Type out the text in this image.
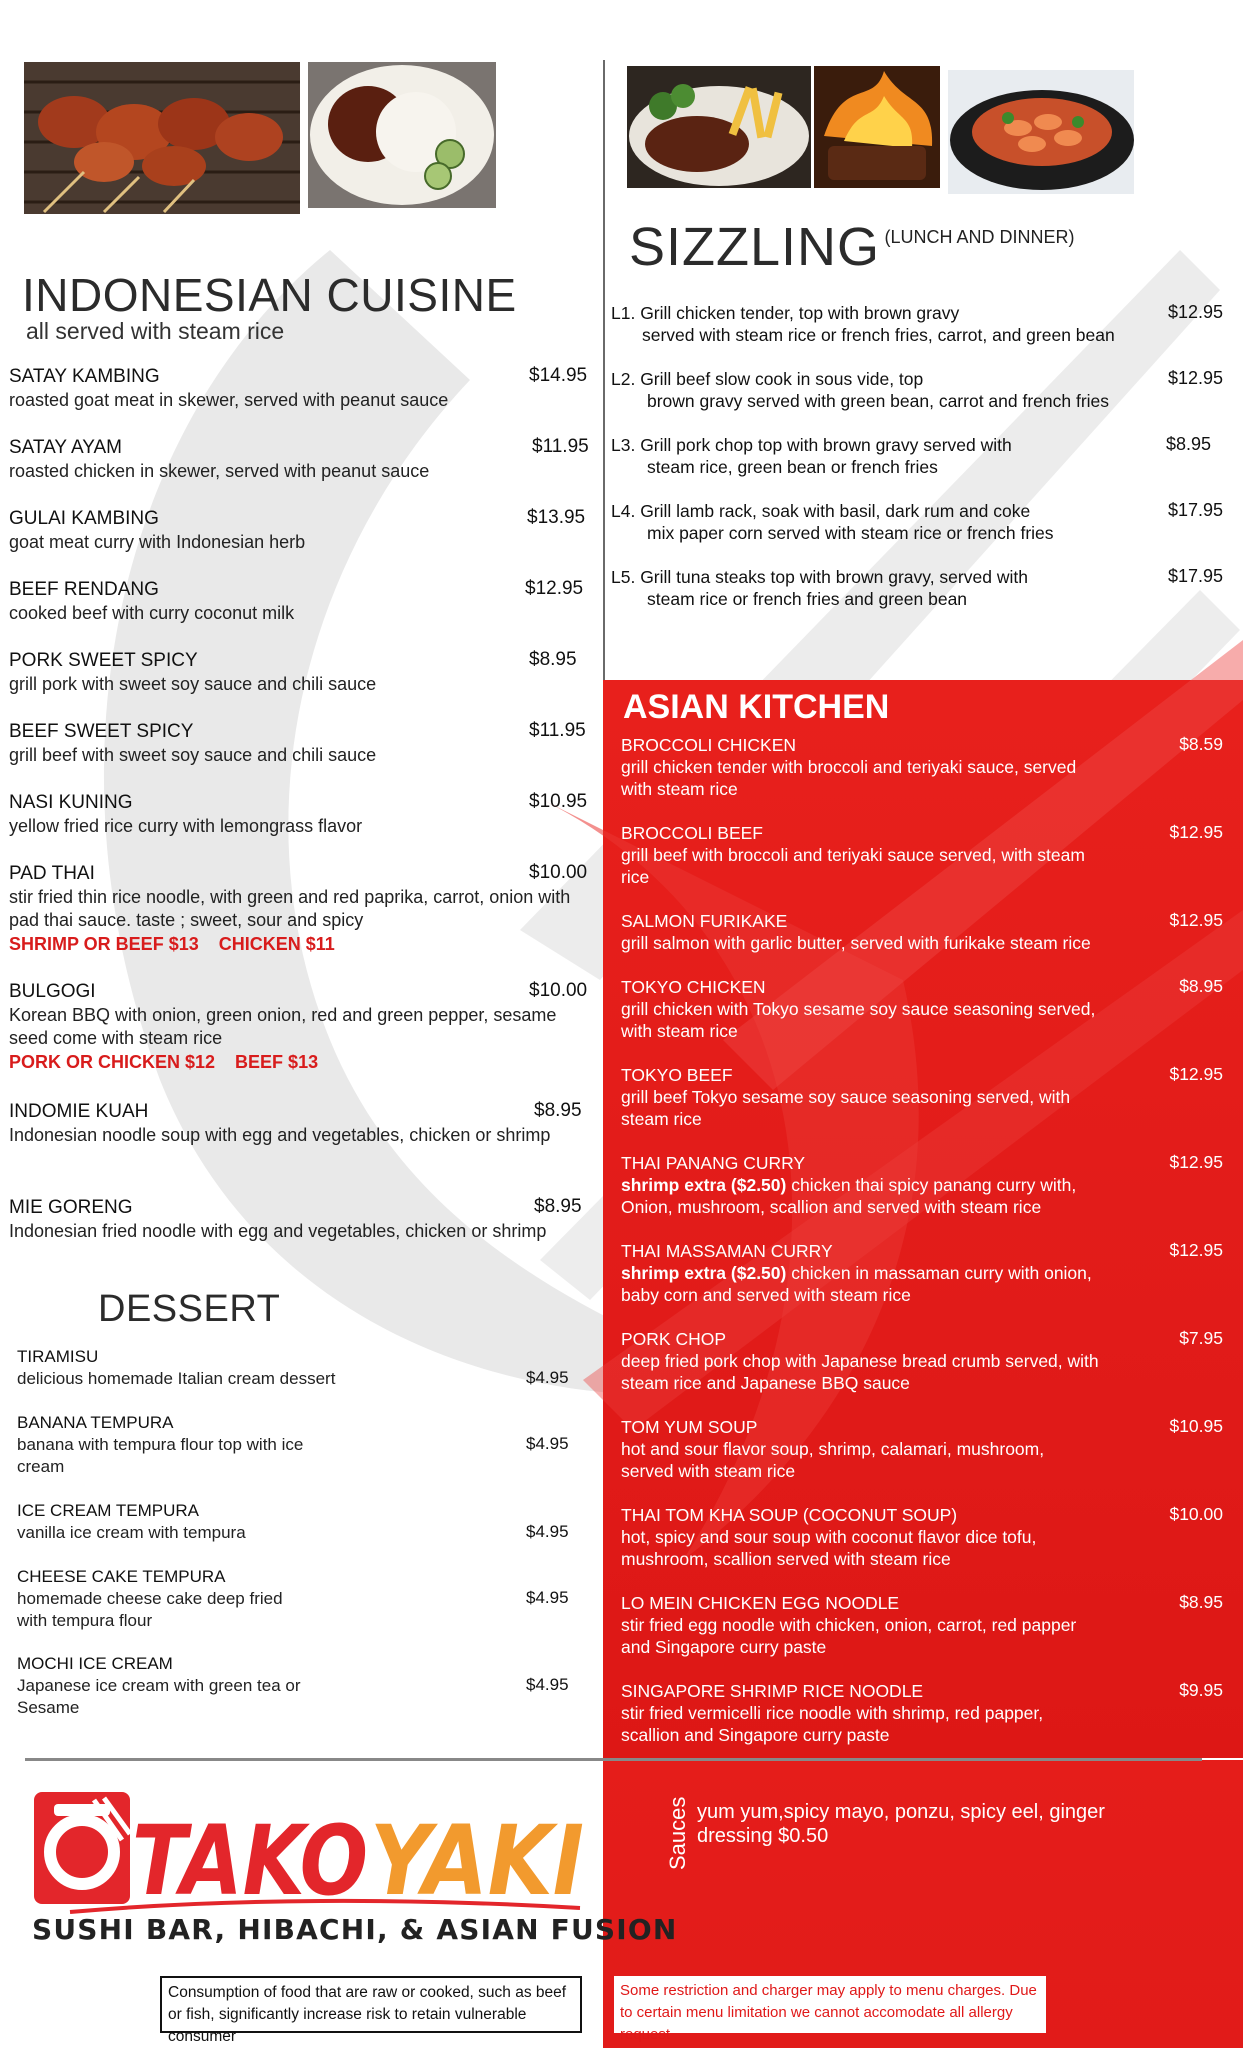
INDONESIAN CUISINE
all served with steam rice
SATAY KAMBING	$14.95
roasted goat meat in skewer, served with peanut sauce
SATAY AYAM	$11.95
roasted chicken in skewer, served with peanut sauce
GULAI KAMBING	$13.95
goat meat curry with Indonesian herb
BEEF RENDANG	$12.95
cooked beef with curry coconut milk
PORK SWEET SPICY	$8.95
grill pork with sweet soy sauce and chili sauce
BEEF SWEET SPICY	$11.95
grill beef with sweet soy sauce and chili sauce
NASI KUNING	$10.95
yellow fried rice curry with lemongrass flavor
PAD THAI	$10.00
stir fried thin rice noodle, with green and red paprika, carrot, onion with pad thai sauce. taste ; sweet, sour and spicy
SHRIMP OR BEEF $13    CHICKEN $11
BULGOGI	$10.00
Korean BBQ with onion, green onion, red and green pepper, sesame seed come with steam rice
PORK OR CHICKEN $12    BEEF $13
INDOMIE KUAH	$8.95
Indonesian noodle soup with egg and vegetables, chicken or shrimp
MIE GORENG	$8.95
Indonesian fried noodle with egg and vegetables, chicken or shrimp
DESSERT
TIRAMISU
delicious homemade Italian cream dessert	$4.95
BANANA TEMPURA
banana with tempura flour top with ice cream
$4.95
ICE CREAM TEMPURA
vanilla ice cream with tempura	$4.95
CHEESE CAKE TEMPURA
homemade cheese cake deep fried with tempura flour
$4.95
MOCHI ICE CREAM
Japanese ice cream with green tea or Sesame
$4.95
SIZZLING (LUNCH AND DINNER)
L1. Grill chicken tender, top with brown gravy
served with steam rice or french fries, carrot, and green bean
$12.95
L2. Grill beef slow cook in sous vide, top
brown gravy served with green bean, carrot and french fries
$12.95
L3. Grill pork chop top with brown gravy served with
steam rice, green bean or french fries
$8.95
L4. Grill lamb rack, soak with basil, dark rum and coke
mix paper corn served with steam rice or french fries
$17.95
L5. Grill tuna steaks top with brown gravy, served with
steam rice or french fries and green bean
$17.95
ASIAN KITCHEN
BROCCOLI CHICKEN	$8.59
grill chicken tender with broccoli and teriyaki sauce, served with steam rice
BROCCOLI BEEF	$12.95
grill beef with broccoli and teriyaki sauce served, with steam rice
SALMON FURIKAKE	$12.95
grill salmon with garlic butter, served with furikake steam rice
TOKYO CHICKEN	$8.95
grill chicken with Tokyo sesame soy sauce seasoning served, with steam rice
TOKYO BEEF	$12.95
grill beef Tokyo sesame soy sauce seasoning served, with steam rice
THAI PANANG CURRY	$12.95
shrimp extra ($2.50) chicken thai spicy panang curry with, Onion, mushroom, scallion and served with steam rice
THAI MASSAMAN CURRY	$12.95
shrimp extra ($2.50) chicken in massaman curry with onion, baby corn and served with steam rice
PORK CHOP	$7.95
deep fried pork chop with Japanese bread crumb served, with steam rice and Japanese BBQ sauce
TOM YUM SOUP	$10.95
hot and sour flavor soup, shrimp, calamari, mushroom, served with steam rice
THAI TOM KHA SOUP (COCONUT SOUP)	$10.00
hot, spicy and sour soup with coconut flavor dice tofu, mushroom, scallion served with steam rice
LO MEIN CHICKEN EGG NOODLE	$8.95
stir fried egg noodle with chicken, onion, carrot, red papper and Singapore curry paste
SINGAPORE SHRIMP RICE NOODLE	$9.95
stir fried vermicelli rice noodle with shrimp, red papper, scallion and Singapore curry paste
Sauces yum yum,spicy mayo, ponzu, spicy eel, ginger dressing $0.50
TAKO YAKI
SUSHI BAR, HIBACHI, & ASIAN FUSION
Consumption of food that are raw or cooked, such as beef or fish, significantly increase risk to retain vulnerable consumer
Some restriction and charger may apply to menu charges. Due to certain menu limitation we cannot accomodate all allergy request
